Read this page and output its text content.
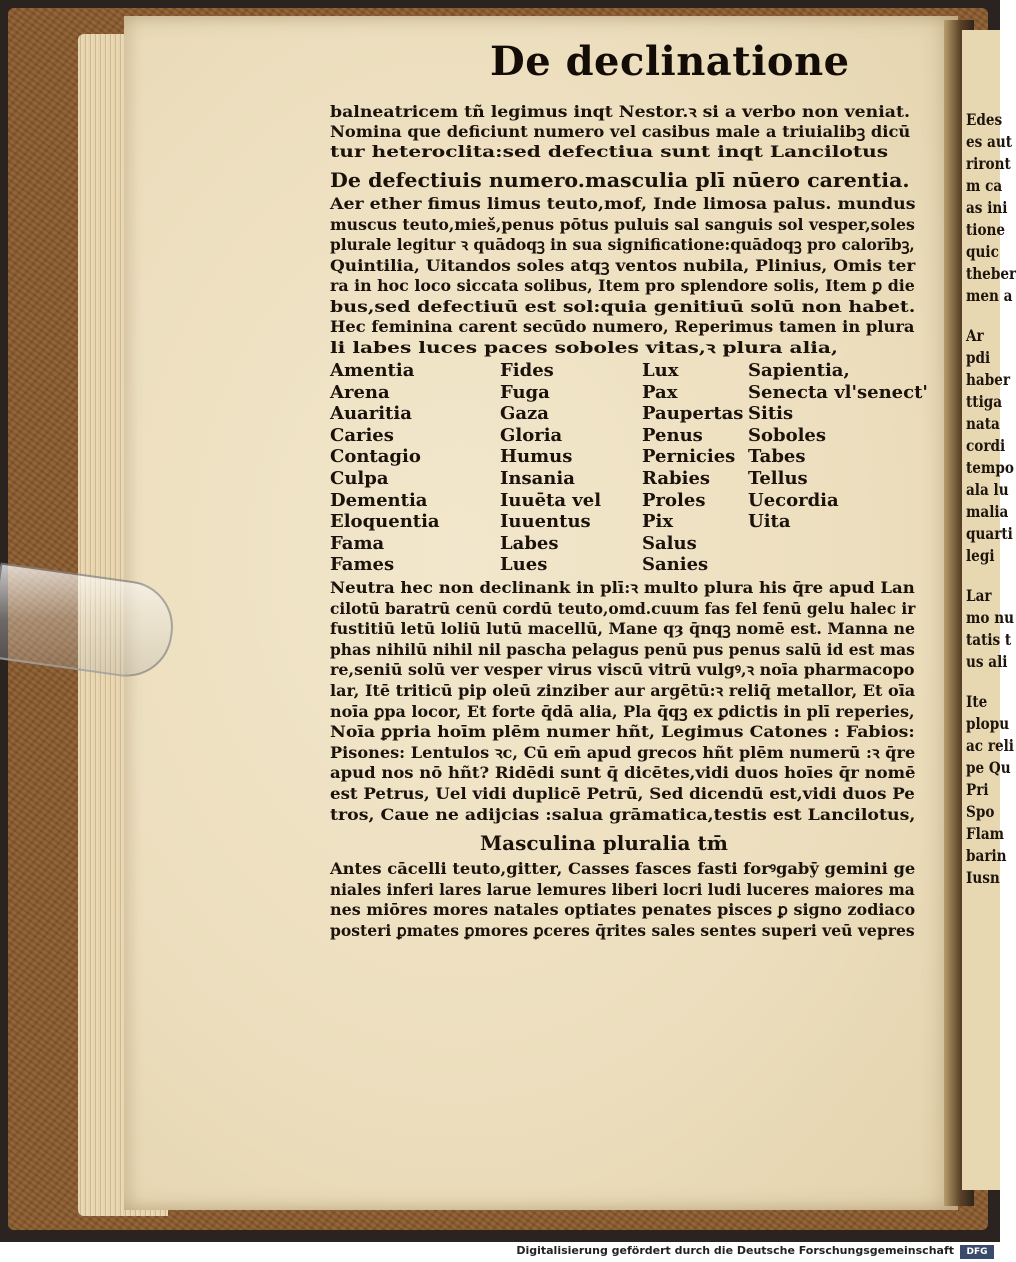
Edes
es aut
riront
m ca
as ini
tione
quic
theber
men a
Ar
pdi
haber
ttiga
nata
cordi
tempo
ala lu
malia
quarti
legi
Lar
mo nu
tatis t
us ali
Ite
plopu
ac reli
pe Qu
Pri
Spo
Flam
barin
Iusn
De declinatione
balneatricem tñ legimus inqt Nestor.ꝛ si a verbo non veniat.
Nomina que deficiunt numero vel casibus male a triuialibꝫ dicū
tur heteroclita:sed defectiua sunt inqt Lancilotus
De defectiuis numero.masculia plī nūero carentia.
Aer ether fimus limus teuto,mof, Inde limosa palus. mundus
muscus teuto,mieš,penus pōtus puluis sal sanguis sol vesper,soles
plurale legitur ꝛ quādoqꝫ in sua significatione:quādoqꝫ pro calorībꝫ,
Quintilia, Uitandos soles atqꝫ ventos nubila, Plinius, Omis ter
ra in hoc loco siccata solibus, Item pro splendore solis, Item ꝑ die
bus,sed defectiuū est sol:quia genitiuū solū non habet.
Hec feminina carent secūdo numero, Reperimus tamen in plura
li labes luces paces soboles vitas,ꝛ plura alia,
Amentia
Arena
Auaritia
Caries
Contagio
Culpa
Dementia
Eloquentia
Fama
Fames
Fides
Fuga
Gaza
Gloria
Humus
Insania
Iuuēta vel
Iuuentus
Labes
Lues
Lux
Pax
Paupertas
Penus
Pernicies
Rabies
Proles
Pix
Salus
Sanies
Sapientia,
Senecta vl'senect'
Sitis
Soboles
Tabes
Tellus
Uecordia
Uita
Neutra hec non declinank in plī:ꝛ multo plura his q̄re apud Lan
cilotū baratrū cenū cordū teuto,omd.cuum fas fel fenū gelu halec ir
fustitiū letū loliū lutū macellū, Mane qȝ q̄nqꝫ nomē est. Manna ne
phas nihilū nihil nil pascha pelagus penū pus penus salū id est mas
re,seniū solū ver vesper virus viscū vitrū vulgꝰ,ꝛ noīa pharmacopo
lar, Itē triticū pip oleū zinziber aur argētū:ꝛ reliq̄ metallor, Et oīa
noīa ꝑpa locor, Et forte q̄dā alia, Pla q̄qꝫ ex ꝑdictis in plī reperies,
Noīa ꝑpria hoīm plēm numer hñt, Legimus Catones : Fabios:
Pisones: Lentulos ꝛc, Cū em̄ apud grecos hñt plēm numerū :ꝛ q̄re
apud nos nō hñt? Ridēdi sunt q̄ dicētes,vidi duos hoīes q̄r nomē
est Petrus, Uel vidi duplicē Petrū, Sed dicendū est,vidi duos Pe
tros, Caue ne adijcias :salua grāmatica,testis est Lancilotus,
Masculina pluralia tm̄
Antes cācelli teuto,gitter, Casses fasces fasti forꝰgabȳ gemini ge
niales inferi lares larue lemures liberi locri ludi luceres maiores ma
nes miōres mores natales optiates penates pisces ꝑ signo zodiaco
posteri ꝑmates ꝑmores ꝑceres q̄rites sales sentes superi veū vepres
Digitalisierung gefördert durch die Deutsche Forschungsgemeinschaft	DFG
